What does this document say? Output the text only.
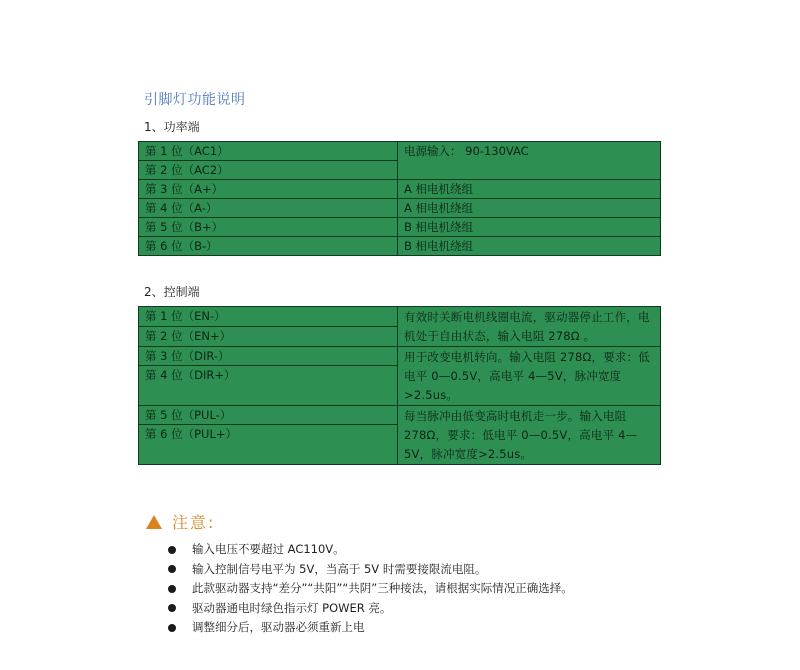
引脚灯功能说明
1、功率端
第 1 位（AC1）	电源输入： 90-130VAC
第 2 位（AC2）	
第 3 位（A+）	A 相电机绕组
第 4 位（A-）	A 相电机绕组
第 5 位（B+）	B 相电机绕组
第 6 位（B-）	B 相电机绕组
2、控制端
第 1 位（EN-）	有效时关断电机线圈电流，驱动器停止工作，电机处于自由状态，输入电阻 278Ω 。
第 2 位（EN+）	
第 3 位（DIR-）	用于改变电机转向。输入电阻 278Ω，要求：低电平 0—0.5V，高电平 4—5V，脉冲宽度 >2.5us。
第 4 位（DIR+）	
第 5 位（PUL-）	每当脉冲由低变高时电机走一步。输入电阻 278Ω，要求：低电平 0—0.5V，高电平 4—5V，脉冲宽度>2.5us。
第 6 位（PUL+）	
注意:
输入电压不要超过 AC110V。
输入控制信号电平为 5V，当高于 5V 时需要接限流电阻。
此款驱动器支持“差分”“共阳”“共阴”三种接法，请根据实际情况正确选择。
驱动器通电时绿色指示灯 POWER 亮。
调整细分后，驱动器必须重新上电
